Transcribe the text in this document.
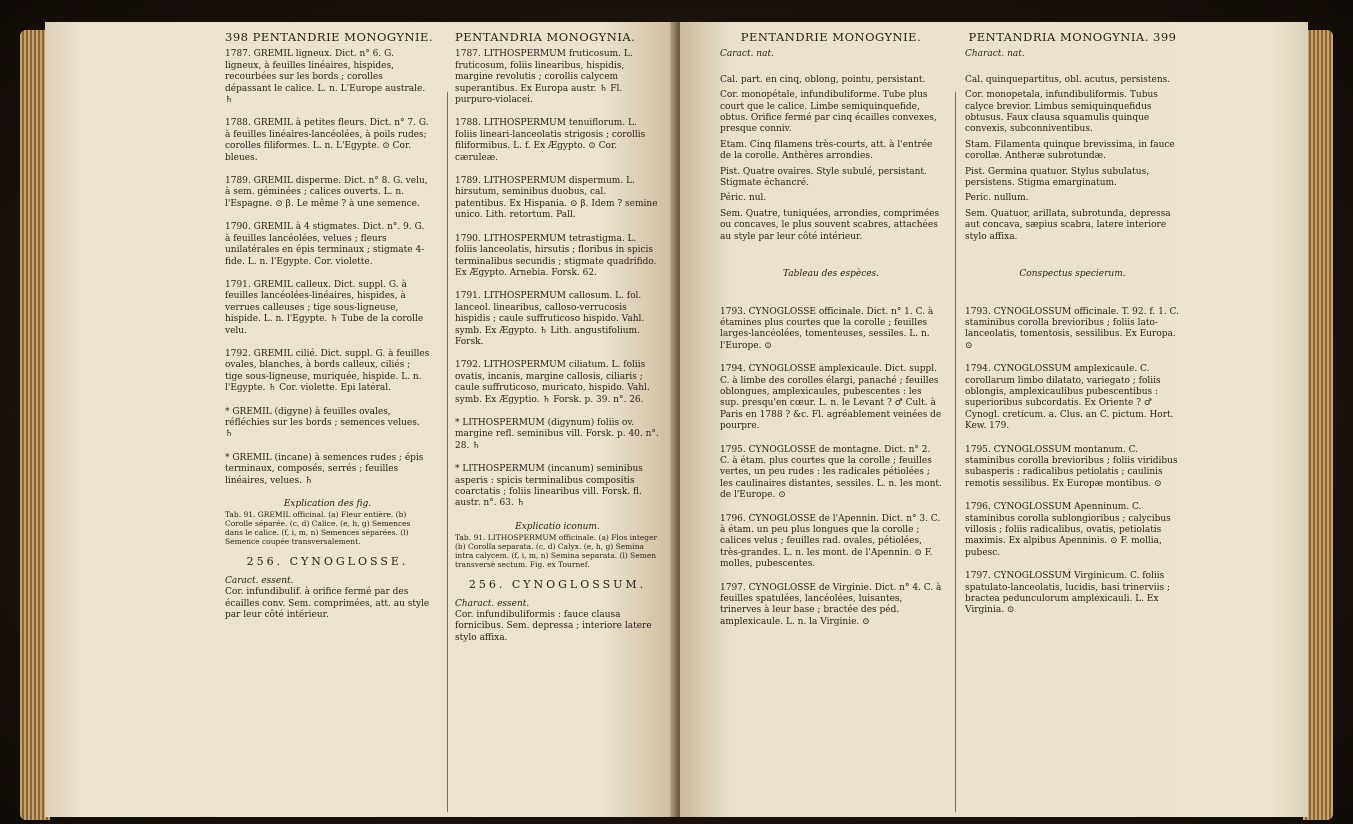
398 PENTANDRIE MONOGYNIE.

1787. GREMIL ligneux. Dict. n° 6. G. ligneux, à feuilles linéaires, hispides, recourbées sur les bords ; corolles dépassant le calice. L. n. L'Europe australe. ♄

1788. GREMIL à petites fleurs. Dict. n° 7. G. à feuilles linéaires-lancéolées, à poils rudes; corolles filiformes. L. n. L'Egypte. ⊙ Cor. bleues.

1789. GREMIL disperme. Dict. n° 8. G. velu, à sem. géminées ; calices ouverts. L. n. l'Espagne. ⊙ β. Le même ? à une semence.

1790. GREMIL à 4 stigmates. Dict. n°. 9. G. à feuilles lancéolées, velues ; fleurs unilatérales en épis terminaux ; stigmate 4-fide. L. n. l'Egypte. Cor. violette.

1791. GREMIL calleux. Dict. suppl. G. à feuilles lancéolées-linéaires, hispides, à verrues calleuses ; tige sous-ligneuse, hispide. L. n. l'Egypte. ♄ Tube de la corolle velu.

1792. GREMIL cilié. Dict. suppl. G. à feuilles ovales, blanches, à bords calleux, ciliés ; tige sous-ligneuse, muriquée, hispide. L. n. l'Egypte. ♄ Cor. violette. Epi latéral.

* GREMIL (digyne) à feuilles ovales, réfléchies sur les bords ; semences velues. ♄

* GREMIL (incane) à semences rudes ; épis terminaux, composés, serrés ; feuilles linéaires, velues. ♄

Explication des fig.

Tab. 91. GREMIL officinal. (a) Fleur entière. (b) Corolle séparée. (c, d) Calice. (e, h, g) Semences dans le calice. (f, i, m, n) Semences séparées. (l) Semence coupée transversalement.

256. CYNOGLOSSE.

Caract. essent.

Cor. infundibulif. à orifice fermé par des écailles conv. Sem. comprimées, att. au style par leur côté intérieur.

PENTANDRIA MONOGYNIA.

1787. LITHOSPERMUM fruticosum. L. fruticosum, foliis linearibus, hispidis, margine revolutis ; corollis calycem superantibus. Ex Europa austr. ♄ Fl. purpuro-violacei.

1788. LITHOSPERMUM tenuiflorum. L. foliis lineari-lanceolatis strigosis ; corollis filiformibus. L. f. Ex Ægypto. ⊙ Cor. cæruleæ.

1789. LITHOSPERMUM dispermum. L. hirsutum, seminibus duobus, cal. patentibus. Ex Hispania. ⊙ β. Idem ? semine unico. Lith. retortum. Pall.

1790. LITHOSPERMUM tetrastigma. L. foliis lanceolatis, hirsutis ; floribus in spicis terminalibus secundis ; stigmate quadrifido. Ex Ægypto. Arnebia. Forsk. 62.

1791. LITHOSPERMUM callosum. L. fol. lanceol. linearibus, calloso-verrucosis hispidis ; caule suffruticoso hispido. Vahl. symb. Ex Ægypto. ♄ Lith. angustifolium. Forsk.

1792. LITHOSPERMUM ciliatum. L. foliis ovatis, incanis, margine callosis, ciliaris ; caule suffruticoso, muricato, hispido. Vahl. symb. Ex Ægyptio. ♄ Forsk. p. 39. n°. 26.

* LITHOSPERMUM (digynum) foliis ov. margine refl. seminibus vill. Forsk. p. 40. n°. 28. ♄

* LITHOSPERMUM (incanum) seminibus asperis : spicis terminalibus compositis coarctatis ; foliis linearibus vill. Forsk. fl. austr. n°. 63. ♄

Explicatio iconum.

Tab. 91. LITHOSPERMUM officinale. (a) Flos integer (b) Corolla separata. (c, d) Calyx. (e, h, g) Semina intra calycem. (f, i, m, n) Semina separata. (l) Semen transversè sectum. Fig. ex Tournef.

256. CYNOGLOSSUM.

Charact. essent.

Cor. infundibuliformis : fauce clausa fornicibus. Sem. depressa ; interiore latere stylo affixa.

PENTANDRIE MONOGYNIE.

Caract. nat.

Cal. part. en cinq, oblong, pointu, persistant.

Cor. monopétale, infundibuliforme. Tube plus court que le calice. Limbe semiquinquefide, obtus. Orifice fermé par cinq écailles convexes, presque conniv.

Etam. Cinq filamens très-courts, att. à l'entrée de la corolle. Anthères arrondies.

Pist. Quatre ovaires. Style subulé, persistant. Stigmate échancré.

Péric. nul.

Sem. Quatre, tuniquées, arrondies, comprimées ou concaves, le plus souvent scabres, attachées au style par leur côté intérieur.

Tableau des espèces.

1793. CYNOGLOSSE officinale. Dict. n° 1. C. à étamines plus courtes que la corolle ; feuilles larges-lancéolées, tomenteuses, sessiles. L. n. l'Europe. ⊙

1794. CYNOGLOSSE amplexicaule. Dict. suppl. C. à limbe des corolles élargi, panaché ; feuilles oblongues, amplexicaules, pubescentes : les sup. presqu'en cœur. L. n. le Levant ? ♂ Cult. à Paris en 1788 ? &c. Fl. agréablement veinées de pourpre.

1795. CYNOGLOSSE de montagne. Dict. n° 2. C. à étam. plus courtes que la corolle ; feuilles vertes, un peu rudes : les radicales pétiolées ; les caulinaires distantes, sessiles. L. n. les mont. de l'Europe. ⊙

1796. CYNOGLOSSE de l'Apennin. Dict. n° 3. C. à étam. un peu plus longues que la corolle ; calices velus ; feuilles rad. ovales, pétiolées, très-grandes. L. n. les mont. de l'Apennin. ⊙ F. molles, pubescentes.

1797. CYNOGLOSSE de Virginie. Dict. n° 4. C. à feuilles spatulées, lancéolées, luisantes, trinerves à leur base ; bractée des péd. amplexicaule. L. n. la Virginie. ⊙

PENTANDRIA MONOGYNIA. 399

Charact. nat.

Cal. quinquepartitus, obl. acutus, persistens.

Cor. monopetala, infundibuliformis. Tubus calyce brevior. Limbus semiquinquefidus obtusus. Faux clausa squamulis quinque convexis, subconniventibus.

Stam. Filamenta quinque brevissima, in fauce corollæ. Antheræ subrotundæ.

Pist. Germina quatuor. Stylus subulatus, persistens. Stigma emarginatum.

Peric. nullum.

Sem. Quatuor, arillata, subrotunda, depressa aut concava, sæpius scabra, latere interiore stylo affixa.

Conspectus specierum.

1793. CYNOGLOSSUM officinale. T. 92. f. 1. C. staminibus corolla brevioribus ; foliis lato-lanceolatis, tomentosis, sessilibus. Ex Europa. ⊙

1794. CYNOGLOSSUM amplexicaule. C. corollarum limbo dilatato, variegato ; foliis oblongis, amplexicaulibus pubescentibus : superioribus subcordatis. Ex Oriente ? ♂ Cynogl. creticum. a. Clus. an C. pictum. Hort. Kew. 179.

1795. CYNOGLOSSUM montanum. C. staminibus corolla brevioribus ; foliis viridibus subasperis : radicalibus petiolatis ; caulinis remotis sessilibus. Ex Europæ montibus. ⊙

1796. CYNOGLOSSUM Apenninum. C. staminibus corolla sublongioribus ; calycibus villosis ; foliis radicalibus, ovatis, petiolatis maximis. Ex alpibus Apenninis. ⊙ F. mollia, pubesc.

1797. CYNOGLOSSUM Virginicum. C. foliis spatulato-lanceolatis, lucidis, basi trinerviis ; bractea pedunculorum amplexicauli. L. Ex Virginia. ⊙
